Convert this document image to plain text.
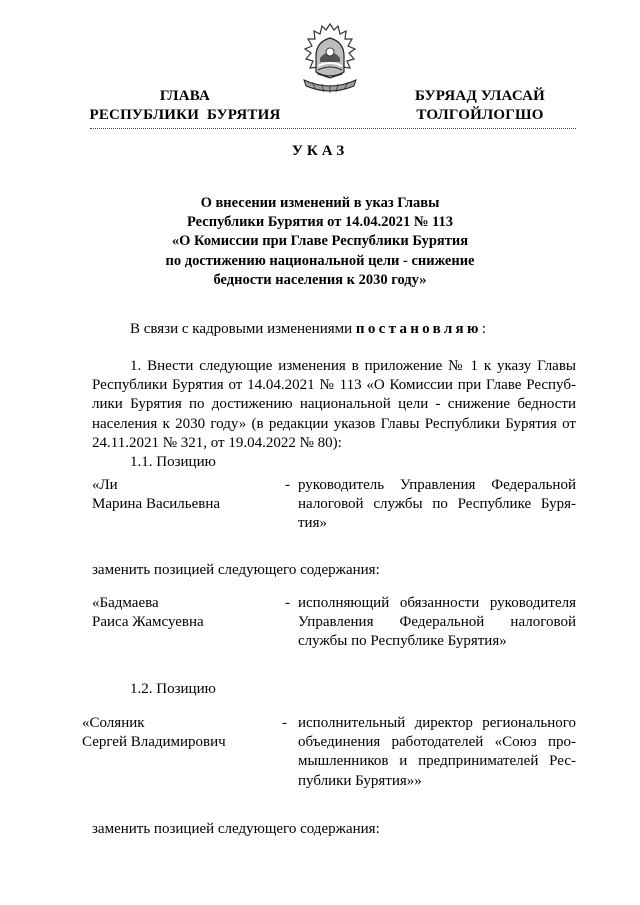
ГЛАВА
РЕСПУБЛИКИ  БУРЯТИЯ
БУРЯАД УЛАСАЙ
ТОЛГОЙЛОГШО
УКАЗ
О внесении изменений в указ Главы
Республики Бурятия от 14.04.2021 № 113
«О Комиссии при Главе Республики Бурятия
по достижению национальной цели - снижение
бедности населения к 2030 году»
В связи с кадровыми изменениями постановляю:
1. Внести следующие изменения в приложение № 1 к указу Главы
Республики Бурятия от 14.04.2021 № 113 «О Комиссии при Главе Респуб-
лики Бурятия по достижению национальной цели - снижение бедности
населения к 2030 году» (в редакции указов Главы Республики Бурятия от
24.11.2021 № 321, от 19.04.2022 № 80):
1.1. Позицию
«Ли
Марина Васильевна
- руководитель Управления Федеральной
налоговой службы по Республике Буря-
тия»
заменить позицией следующего содержания:
«Бадмаева
Раиса Жамсуевна
- исполняющий обязанности руководителя
Управления   Федеральной   налоговой
службы по Республике Бурятия»
1.2. Позицию
«Соляник
Сергей Владимирович
- исполнительный директор регионального
объединения работодателей «Союз про-
мышленников и предпринимателей Рес-
публики Бурятия»»
заменить позицией следующего содержания:
